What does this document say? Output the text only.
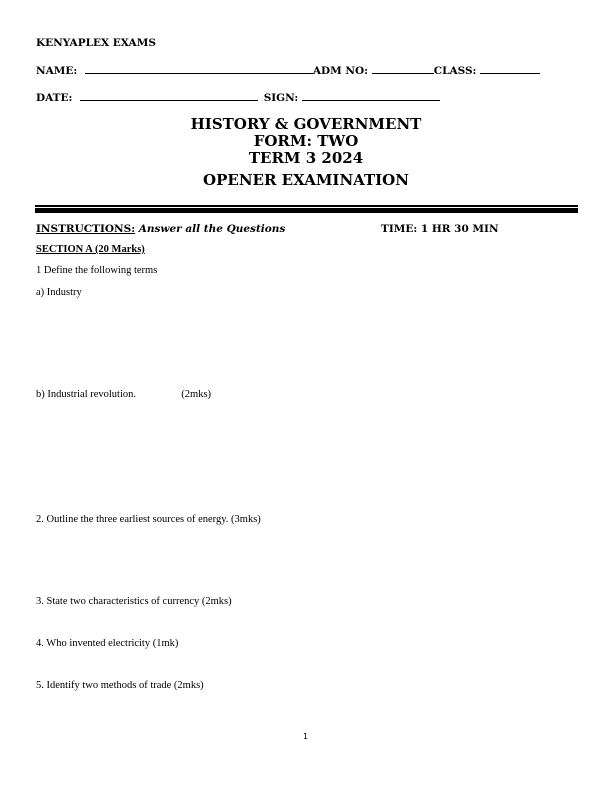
KENYAPLEX EXAMS
NAME:	ADM NO:	CLASS:
DATE:	SIGN:
HISTORY & GOVERNMENT
FORM: TWO
TERM 3 2024
OPENER EXAMINATION
INSTRUCTIONS: Answer all the Questions	TIME: 1 HR 30 MIN
SECTION A (20 Marks)
1 Define the following terms
a) Industry
b) Industrial revolution.	(2mks)
2. Outline the three earliest sources of energy. (3mks)
3. State two characteristics of currency (2mks)
4. Who invented electricity (1mk)
5. Identify two methods of trade (2mks)
1
